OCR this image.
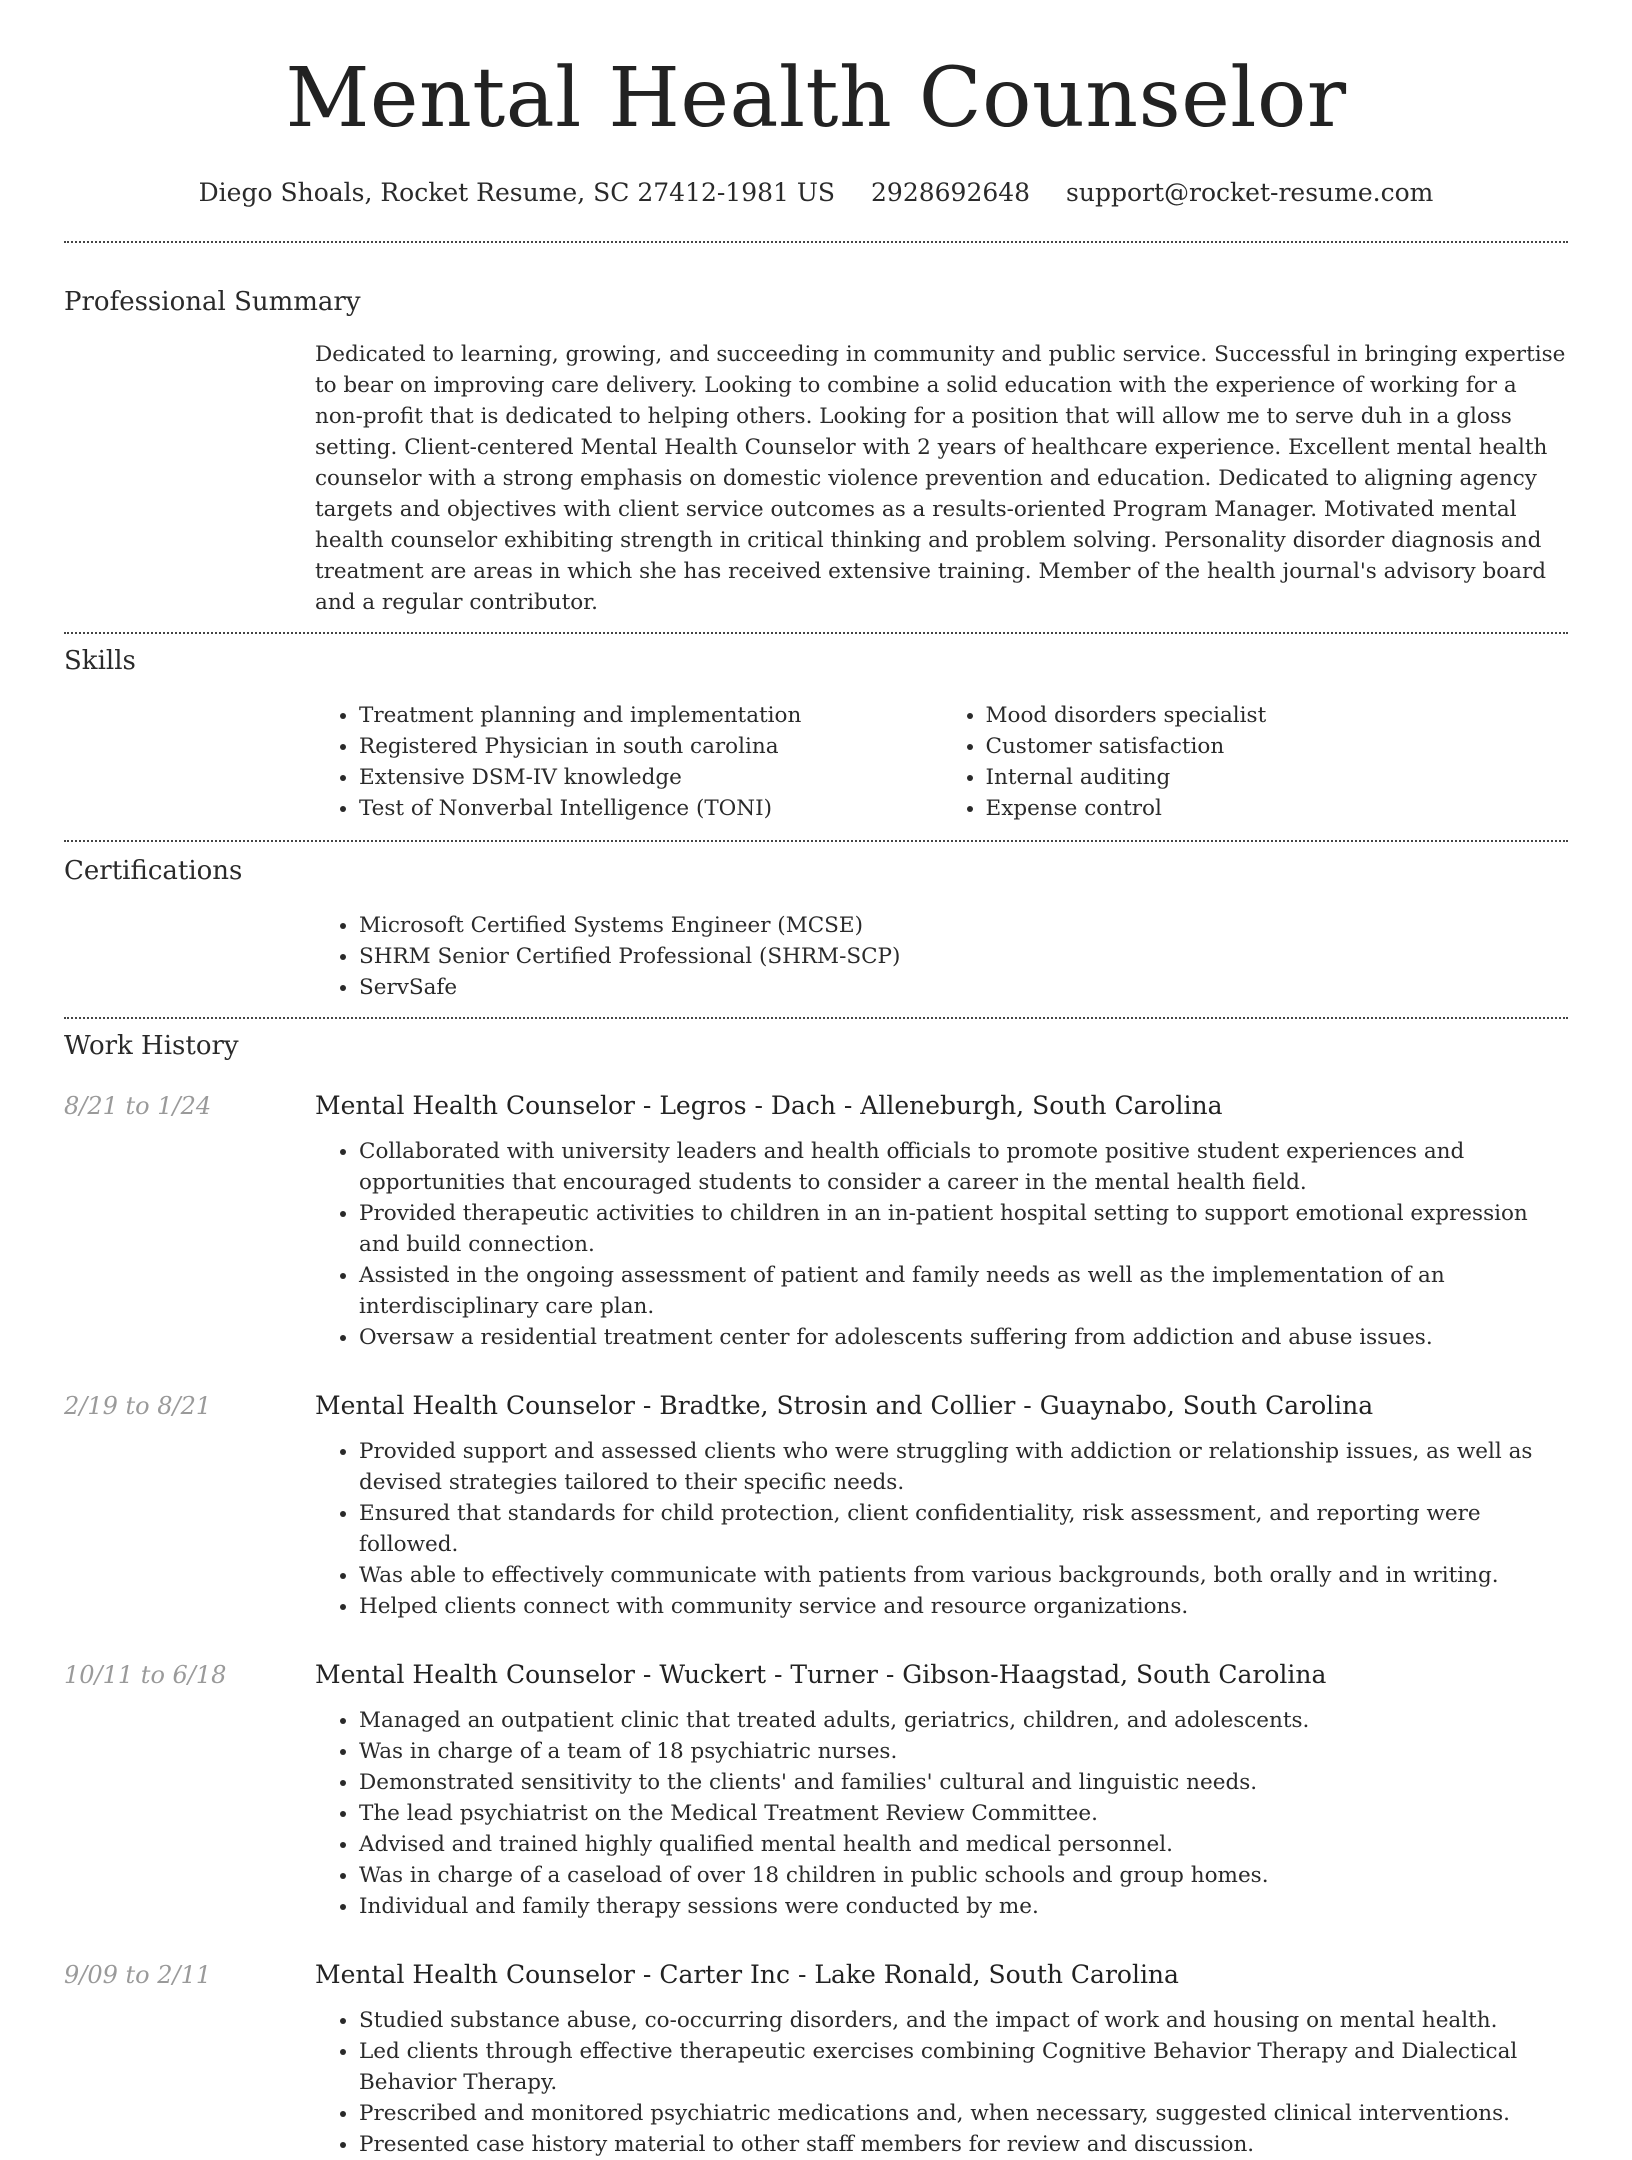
Mental Health Counselor
Diego Shoals, Rocket Resume, SC 27412-1981 US 2928692648 support@rocket-resume.com
Professional Summary
Dedicated to learning, growing, and succeeding in community and public service. Successful in bringing expertise to bear on improving care delivery. Looking to combine a solid education with the experience of working for a non-profit that is dedicated to helping others. Looking for a position that will allow me to serve duh in a gloss setting. Client-centered Mental Health Counselor with 2 years of healthcare experience. Excellent mental health counselor with a strong emphasis on domestic violence prevention and education. Dedicated to aligning agency targets and objectives with client service outcomes as a results-oriented Program Manager. Motivated mental health counselor exhibiting strength in critical thinking and problem solving. Personality disorder diagnosis and treatment are areas in which she has received extensive training. Member of the health journal's advisory board and a regular contributor.
Skills
• Treatment planning and implementation
• Registered Physician in south carolina
• Extensive DSM-IV knowledge
• Test of Nonverbal Intelligence (TONI)
• Mood disorders specialist
• Customer satisfaction
• Internal auditing
• Expense control
Certifications
• Microsoft Certified Systems Engineer (MCSE)
• SHRM Senior Certified Professional (SHRM-SCP)
• ServSafe
Work History
8/21 to 1/24	Mental Health Counselor - Legros - Dach - Alleneburgh, South Carolina
• Collaborated with university leaders and health officials to promote positive student experiences and opportunities that encouraged students to consider a career in the mental health field.
• Provided therapeutic activities to children in an in-patient hospital setting to support emotional expression and build connection.
• Assisted in the ongoing assessment of patient and family needs as well as the implementation of an interdisciplinary care plan.
• Oversaw a residential treatment center for adolescents suffering from addiction and abuse issues.
2/19 to 8/21	Mental Health Counselor - Bradtke, Strosin and Collier - Guaynabo, South Carolina
• Provided support and assessed clients who were struggling with addiction or relationship issues, as well as devised strategies tailored to their specific needs.
• Ensured that standards for child protection, client confidentiality, risk assessment, and reporting were followed.
• Was able to effectively communicate with patients from various backgrounds, both orally and in writing.
• Helped clients connect with community service and resource organizations.
10/11 to 6/18	Mental Health Counselor - Wuckert - Turner - Gibson-Haagstad, South Carolina
• Managed an outpatient clinic that treated adults, geriatrics, children, and adolescents.
• Was in charge of a team of 18 psychiatric nurses.
• Demonstrated sensitivity to the clients' and families' cultural and linguistic needs.
• The lead psychiatrist on the Medical Treatment Review Committee.
• Advised and trained highly qualified mental health and medical personnel.
• Was in charge of a caseload of over 18 children in public schools and group homes.
• Individual and family therapy sessions were conducted by me.
9/09 to 2/11	Mental Health Counselor - Carter Inc - Lake Ronald, South Carolina
• Studied substance abuse, co-occurring disorders, and the impact of work and housing on mental health.
• Led clients through effective therapeutic exercises combining Cognitive Behavior Therapy and Dialectical Behavior Therapy.
• Prescribed and monitored psychiatric medications and, when necessary, suggested clinical interventions.
• Presented case history material to other staff members for review and discussion.
